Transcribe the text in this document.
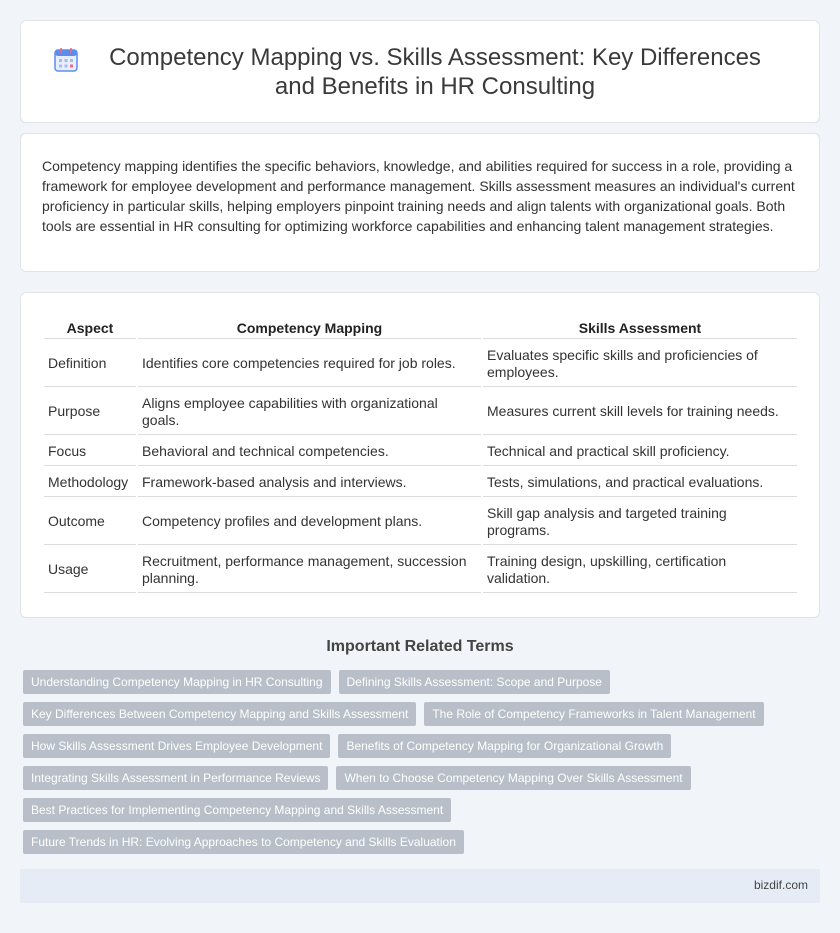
Competency Mapping vs. Skills Assessment: Key Differences and Benefits in HR Consulting

Competency mapping identifies the specific behaviors, knowledge, and abilities required for success in a role, providing a framework for employee development and performance management. Skills assessment measures an individual's current proficiency in particular skills, helping employers pinpoint training needs and align talents with organizational goals. Both tools are essential in HR consulting for optimizing workforce capabilities and enhancing talent management strategies.

Aspect	Competency Mapping	Skills Assessment
Definition	Identifies core competencies required for job roles.	Evaluates specific skills and proficiencies of employees.
Purpose	Aligns employee capabilities with organizational goals.	Measures current skill levels for training needs.
Focus	Behavioral and technical competencies.	Technical and practical skill proficiency.
Methodology	Framework-based analysis and interviews.	Tests, simulations, and practical evaluations.
Outcome	Competency profiles and development plans.	Skill gap analysis and targeted training programs.
Usage	Recruitment, performance management, succession planning.	Training design, upskilling, certification validation.
Important Related Terms
Understanding Competency Mapping in HR Consulting	Defining Skills Assessment: Scope and Purpose
Key Differences Between Competency Mapping and Skills Assessment	The Role of Competency Frameworks in Talent Management
How Skills Assessment Drives Employee Development	Benefits of Competency Mapping for Organizational Growth
Integrating Skills Assessment in Performance Reviews	When to Choose Competency Mapping Over Skills Assessment
Best Practices for Implementing Competency Mapping and Skills Assessment
Future Trends in HR: Evolving Approaches to Competency and Skills Evaluation
bizdif.com
